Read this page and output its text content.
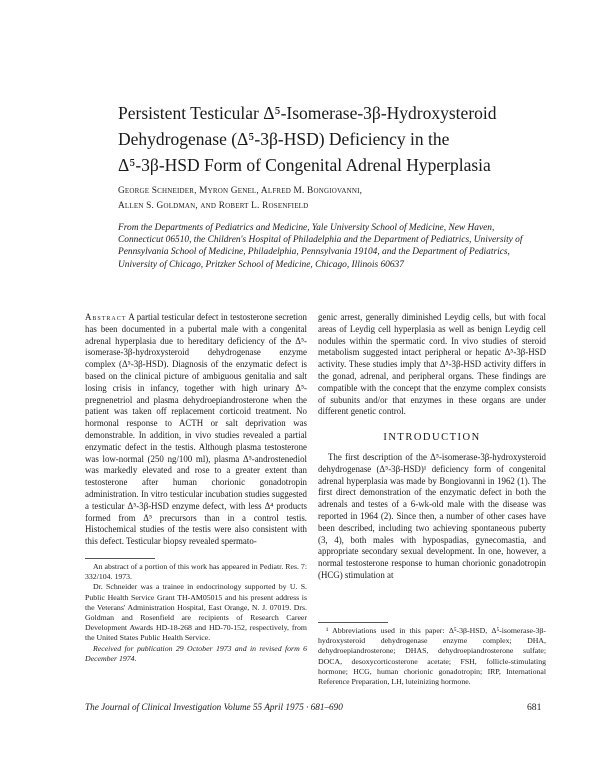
Persistent Testicular Δ⁵-Isomerase-3β-Hydroxysteroid
Dehydrogenase (Δ⁵-3β-HSD) Deficiency in the
Δ⁵-3β-HSD Form of Congenital Adrenal Hyperplasia
George Schneider, Myron Genel, Alfred M. Bongiovanni,
Allen S. Goldman, and Robert L. Rosenfield
From the Departments of Pediatrics and Medicine, Yale University School of Medicine, New Haven, Connecticut 06510, the Children's Hospital of Philadelphia and the Department of Pediatrics, University of Pennsylvania School of Medicine, Philadelphia, Pennsylvania 19104, and the Department of Pediatrics, University of Chicago, Pritzker School of Medicine, Chicago, Illinois 60637

Abstract A partial testicular defect in testosterone secretion has been documented in a pubertal male with a congenital adrenal hyperplasia due to hereditary deficiency of the Δ⁵-isomerase-3β-hydroxysteroid dehydrogenase enzyme complex (Δ⁵-3β-HSD). Diagnosis of the enzymatic defect is based on the clinical picture of ambiguous genitalia and salt losing crisis in infancy, together with high urinary Δ⁵-pregnenetriol and plasma dehydroepiandrosterone when the patient was taken off replacement corticoid treatment. No hormonal response to ACTH or salt deprivation was demonstrable. In addition, in vivo studies revealed a partial enzymatic defect in the testis. Although plasma testosterone was low-normal (250 ng/100 ml), plasma Δ⁵-androstenediol was markedly elevated and rose to a greater extent than testosterone after human chorionic gonadotropin administration. In vitro testicular incubation studies suggested a testicular Δ⁵-3β-HSD enzyme defect, with less Δ⁴ products formed from Δ⁵ precursors than in a control testis. Histochemical studies of the testis were also consistent with this defect. Testicular biopsy revealed spermato-

genic arrest, generally diminished Leydig cells, but with focal areas of Leydig cell hyperplasia as well as benign Leydig cell nodules within the spermatic cord. In vivo studies of steroid metabolism suggested intact peripheral or hepatic Δ⁵-3β-HSD activity. These studies imply that Δ⁵-3β-HSD activity differs in the gonad, adrenal, and peripheral organs. These findings are compatible with the concept that the enzyme complex consists of subunits and/or that enzymes in these organs are under different genetic control.

INTRODUCTION

The first description of the Δ⁵-isomerase-3β-hydroxysteroid dehydrogenase (Δ⁵-3β-HSD)¹ deficiency form of congenital adrenal hyperplasia was made by Bongiovanni in 1962 (1). The first direct demonstration of the enzymatic defect in both the adrenals and testes of a 6-wk-old male with the disease was reported in 1964 (2). Since then, a number of other cases have been described, including two achieving spontaneous puberty (3, 4), both males with hypospadias, gynecomastia, and appropriate secondary sexual development. In one, however, a normal testosterone response to human chorionic gonadotropin (HCG) stimulation at

An abstract of a portion of this work has appeared in Pediatr. Res. 7: 332/104. 1973.

Dr. Schneider was a trainee in endocrinology supported by U. S. Public Health Service Grant TH-AM05015 and his present address is the Veterans' Administration Hospital, East Orange, N. J. 07019. Drs. Goldman and Rosenfield are recipients of Research Career Development Awards HD-18-268 and HD-70-152, respectively, from the United States Public Health Service.

Received for publication 29 October 1973 and in revised form 6 December 1974.

¹ Abbreviations used in this paper: Δ⁵-3β-HSD, Δ⁵-isomerase-3β-hydroxysteroid dehydrogenase enzyme complex; DHA, dehydroepiandrosterone; DHAS, dehydroepiandrosterone sulfate; DOCA, desoxycorticosterone acetate; FSH, follicle-stimulating hormone; HCG, human chorionic gonadotropin; IRP, International Reference Preparation, LH, luteinizing hormone.

The Journal of Clinical Investigation Volume 55 April 1975 · 681–690	681
